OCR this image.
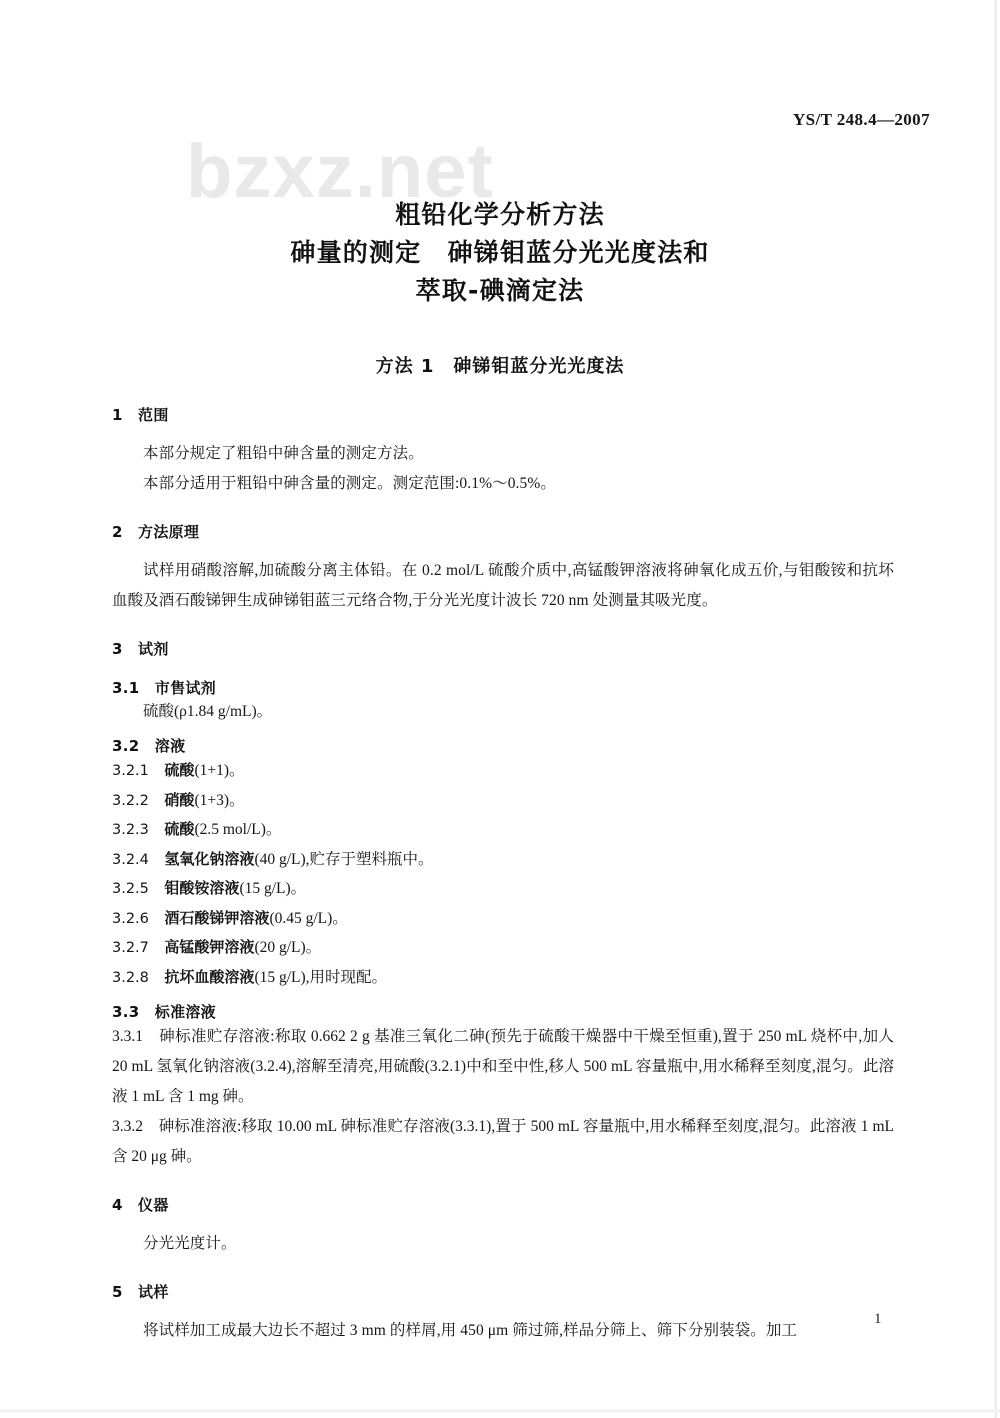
bzxz.net
YS/T 248.4—2007
粗铅化学分析方法
砷量的测定　砷锑钼蓝分光光度法和
萃取-碘滴定法
方法 1　砷锑钼蓝分光光度法
1　范围
本部分规定了粗铅中砷含量的测定方法。
本部分适用于粗铅中砷含量的测定。测定范围:0.1%～0.5%。
2　方法原理
试样用硝酸溶解,加硫酸分离主体铅。在 0.2 mol/L 硫酸介质中,高锰酸钾溶液将砷氧化成五价,与钼酸铵和抗坏血酸及酒石酸锑钾生成砷锑钼蓝三元络合物,于分光光度计波长 720 nm 处测量其吸光度。
3　试剂
3.1　市售试剂
硫酸(ρ1.84 g/mL)。
3.2　溶液
3.2.1　 硫酸(1+1)。
3.2.2　 硝酸(1+3)。
3.2.3　 硫酸(2.5 mol/L)。
3.2.4　 氢氧化钠溶液(40 g/L),贮存于塑料瓶中。
3.2.5　 钼酸铵溶液(15 g/L)。
3.2.6　 酒石酸锑钾溶液(0.45 g/L)。
3.2.7　 高锰酸钾溶液(20 g/L)。
3.2.8　 抗坏血酸溶液(15 g/L),用时现配。
3.3　标准溶液
3.3.1　砷标准贮存溶液:称取 0.662 2 g 基准三氧化二砷(预先于硫酸干燥器中干燥至恒重),置于 250 mL 烧杯中,加人 20 mL 氢氧化钠溶液(3.2.4),溶解至清亮,用硫酸(3.2.1)中和至中性,移人 500 mL 容量瓶中,用水稀释至刻度,混匀。此溶液 1 mL 含 1 mg 砷。
3.3.2　砷标准溶液:移取 10.00 mL 砷标准贮存溶液(3.3.1),置于 500 mL 容量瓶中,用水稀释至刻度,混匀。此溶液 1 mL 含 20 μg 砷。
4　仪器
分光光度计。
5　试样
将试样加工成最大边长不超过 3 mm 的样屑,用 450 μm 筛过筛,样品分筛上、筛下分别装袋。加工
1
